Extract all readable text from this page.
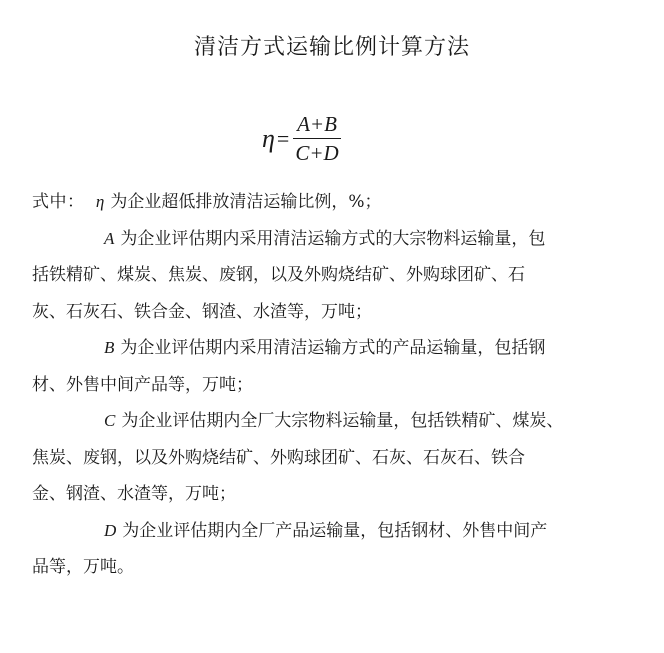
清洁方式运输比例计算方法
$\eta = \frac{A+B}{C+D}$
式中： η 为企业超低排放清洁运输比例，%；
A 为企业评估期内采用清洁运输方式的大宗物料运输量，包
括铁精矿、煤炭、焦炭、废钢，以及外购烧结矿、外购球团矿、石
灰、石灰石、铁合金、钢渣、水渣等，万吨；
B 为企业评估期内采用清洁运输方式的产品运输量，包括钢
材、外售中间产品等，万吨；
C 为企业评估期内全厂大宗物料运输量，包括铁精矿、煤炭、
焦炭、废钢，以及外购烧结矿、外购球团矿、石灰、石灰石、铁合
金、钢渣、水渣等，万吨；
D 为企业评估期内全厂产品运输量，包括钢材、外售中间产
品等，万吨。
